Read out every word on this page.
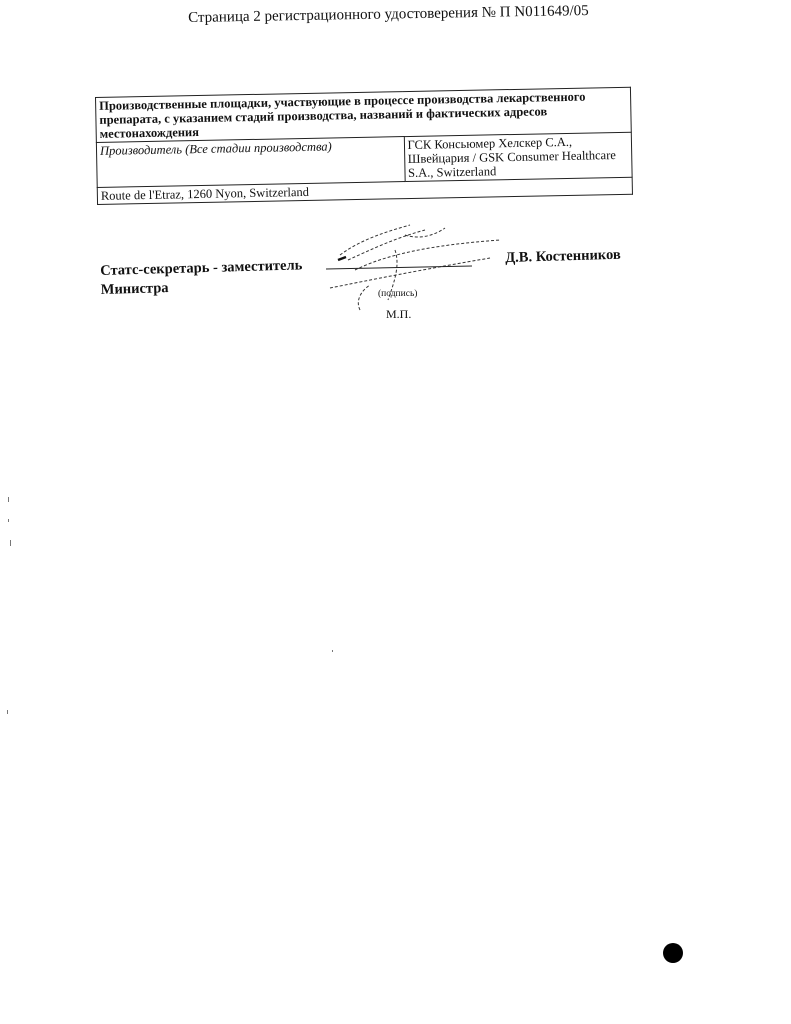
Страница 2 регистрационного удостоверения № П N011649/05
Производственные площадки, участвующие в процессе производства лекарственного препарата, с указанием стадий производства, названий и фактических адресов местонахождения
Производитель (Все стадии производства)	ГСК Консьюмер Хелскер С.А., Швейцария / GSK Consumer Healthcare S.A., Switzerland
Route de l'Etraz, 1260 Nyon, Switzerland
Статс-секретарь - заместитель
Министра	(подпись)
М.П.
Д.В. Костенников
